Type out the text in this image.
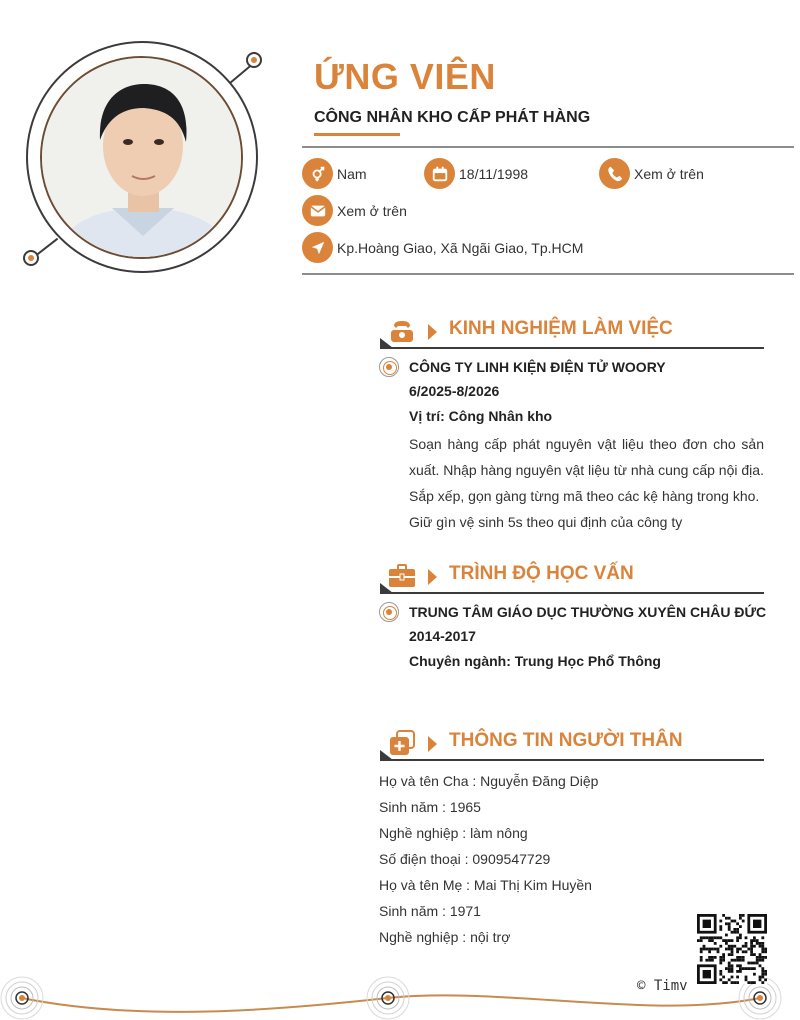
ỨNG VIÊN
CÔNG NHÂN KHO CẤP PHÁT HÀNG
Nam	18/11/1998	Xem ở trên
Xem ở trên
Kp.Hoàng Giao, Xã Ngãi Giao, Tp.HCM
KINH NGHIỆM LÀM VIỆC
CÔNG TY LINH KIỆN ĐIỆN TỬ WOORY
6/2025-8/2026
Vị trí: Công Nhân kho

Soạn hàng cấp phát nguyên vật liệu theo đơn cho sản xuất. Nhập hàng nguyên vật liệu từ nhà cung cấp nội địa.

Sắp xếp, gọn gàng từng mã theo các kệ hàng trong kho.

Giữ gìn vệ sinh 5s theo qui định của công ty

TRÌNH ĐỘ HỌC VẤN
TRUNG TÂM GIÁO DỤC THƯỜNG XUYÊN CHÂU ĐỨC
2014-2017
Chuyên ngành: Trung Học Phổ Thông
THÔNG TIN NGƯỜI THÂN
Họ và tên Cha : Nguyễn Đăng Diệp
Sinh năm : 1965
Nghề nghiệp : làm nông
Số điện thoại : 0909547729
Họ và tên Mẹ : Mai Thị Kim Huyền
Sinh năm : 1971
Nghề nghiệp : nội trợ
© Timv
